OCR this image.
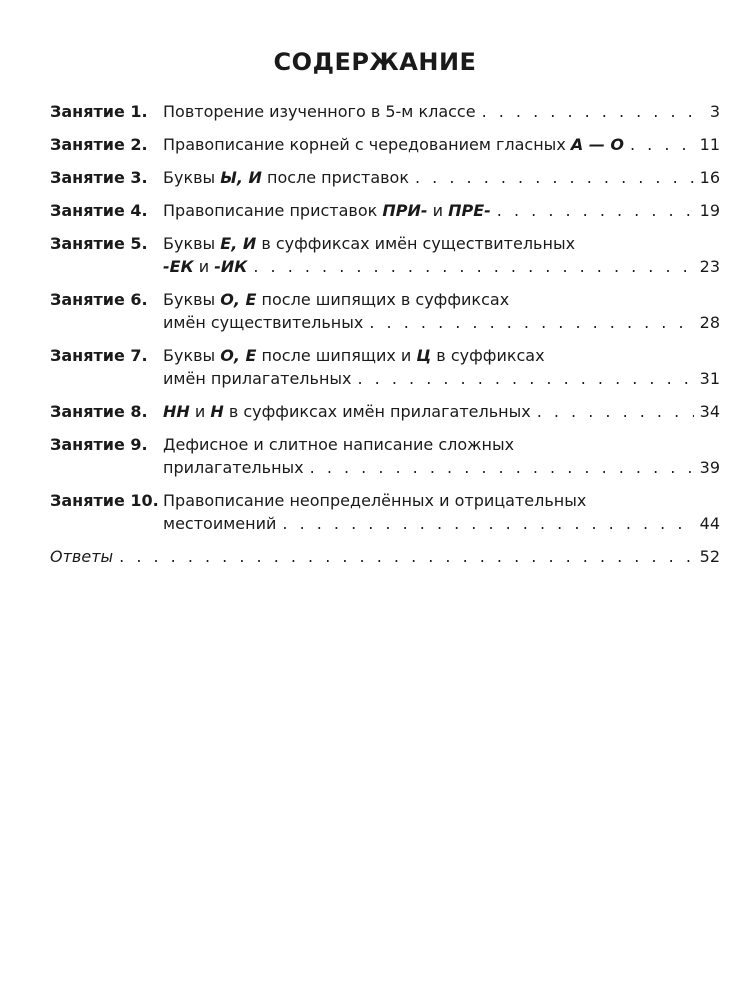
СОДЕРЖАНИЕ
Занятие 1. Повторение изученного в 5-м классе . . .	3
Занятие 2. Правописание корней с чередованием гласных А — О . . .	11
Занятие 3. Буквы Ы, И после приставок . . .	16
Занятие 4. Правописание приставок ПРИ- и ПРЕ- . . .	19
Занятие 5. Буквы Е, И в суффиксах имён существительных
-ЕК и -ИК . . .	23
Занятие 6. Буквы О, Е после шипящих в суффиксах
имён существительных . . .	28
Занятие 7. Буквы О, Е после шипящих и Ц в суффиксах
имён прилагательных . . .	31
Занятие 8. НН и Н в суффиксах имён прилагательных . . .	34
Занятие 9. Дефисное и слитное написание сложных
прилагательных . . .	39
Занятие 10. Правописание неопределённых и отрицательных
местоимений . . .	44
Ответы . . .	52
